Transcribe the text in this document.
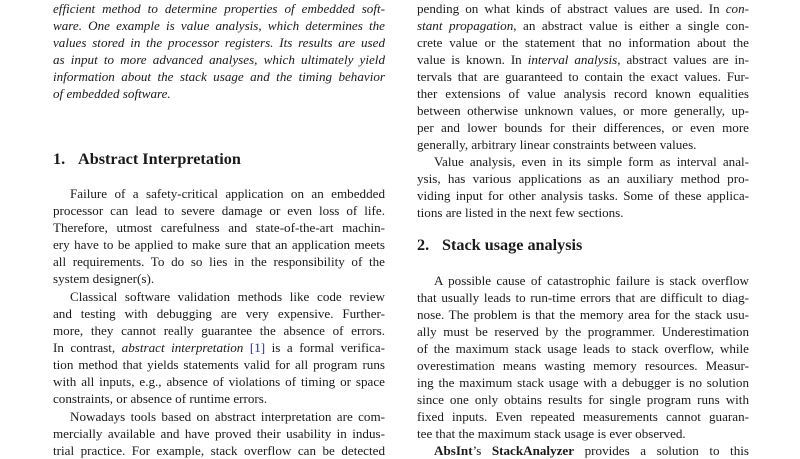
efficient method to determine properties of embedded soft-
ware. One example is value analysis, which determines the
values stored in the processor registers. Its results are used
as input to more advanced analyses, which ultimately yield
information about the stack usage and the timing behavior
of embedded software.
1. Abstract Interpretation
Failure of a safety-critical application on an embedded
processor can lead to severe damage or even loss of life.
Therefore, utmost carefulness and state-of-the-art machin-
ery have to be applied to make sure that an application meets
all requirements. To do so lies in the responsibility of the
system designer(s).
Classical software validation methods like code review
and testing with debugging are very expensive. Further-
more, they cannot really guarantee the absence of errors.
In contrast, abstract interpretation [1] is a formal verifica-
tion method that yields statements valid for all program runs
with all inputs, e.g., absence of violations of timing or space
constraints, or absence of runtime errors.
Nowadays tools based on abstract interpretation are com-
mercially available and have proved their usability in indus-
trial practice. For example, stack overflow can be detected
pending on what kinds of abstract values are used. In con-
stant propagation, an abstract value is either a single con-
crete value or the statement that no information about the
value is known. In interval analysis, abstract values are in-
tervals that are guaranteed to contain the exact values. Fur-
ther extensions of value analysis record known equalities
between otherwise unknown values, or more generally, up-
per and lower bounds for their differences, or even more
generally, arbitrary linear constraints between values.
Value analysis, even in its simple form as interval anal-
ysis, has various applications as an auxiliary method pro-
viding input for other analysis tasks. Some of these applica-
tions are listed in the next few sections.
2. Stack usage analysis
A possible cause of catastrophic failure is stack overflow
that usually leads to run-time errors that are difficult to diag-
nose. The problem is that the memory area for the stack usu-
ally must be reserved by the programmer. Underestimation
of the maximum stack usage leads to stack overflow, while
overestimation means wasting memory resources. Measur-
ing the maximum stack usage with a debugger is no solution
since one only obtains results for single program runs with
fixed inputs. Even repeated measurements cannot guaran-
tee that the maximum stack usage is ever observed.
AbsInt’s StackAnalyzer provides a solution to this
